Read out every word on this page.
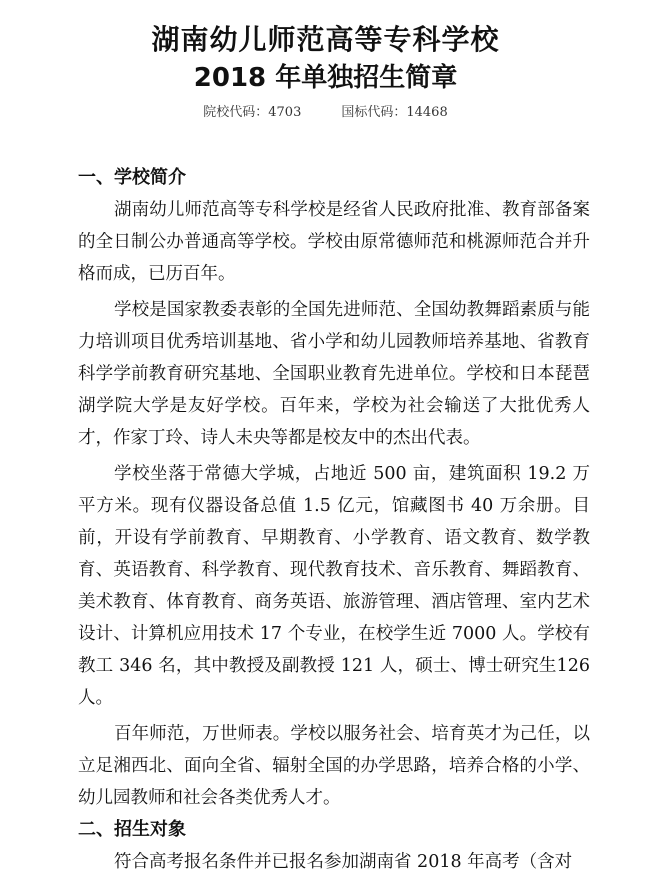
湖南幼儿师范高等专科学校
2018 年单独招生简章
院校代码：4703	国标代码：14468
一、学校简介

湖南幼儿师范高等专科学校是经省人民政府批准、教育部备案的全日制公办普通高等学校。学校由原常德师范和桃源师范合并升格而成，已历百年。

学校是国家教委表彰的全国先进师范、全国幼教舞蹈素质与能力培训项目优秀培训基地、省小学和幼儿园教师培养基地、省教育科学学前教育研究基地、全国职业教育先进单位。学校和日本琵琶湖学院大学是友好学校。百年来，学校为社会输送了大批优秀人才，作家丁玲、诗人未央等都是校友中的杰出代表。

学校坐落于常德大学城，占地近 500 亩，建筑面积 19.2 万平方米。现有仪器设备总值 1.5 亿元，馆藏图书 40 万余册。目前，开设有学前教育、早期教育、小学教育、语文教育、数学教育、英语教育、科学教育、现代教育技术、音乐教育、舞蹈教育、美术教育、体育教育、商务英语、旅游管理、酒店管理、室内艺术设计、计算机应用技术 17 个专业，在校学生近 7000 人。学校有教工 346 名，其中教授及副教授 121 人，硕士、博士研究生126 人。

百年师范，万世师表。学校以服务社会、培育英才为己任，以立足湘西北、面向全省、辐射全国的办学思路，培养合格的小学、幼儿园教师和社会各类优秀人才。

二、招生对象

符合高考报名条件并已报名参加湖南省 2018 年高考（含对
